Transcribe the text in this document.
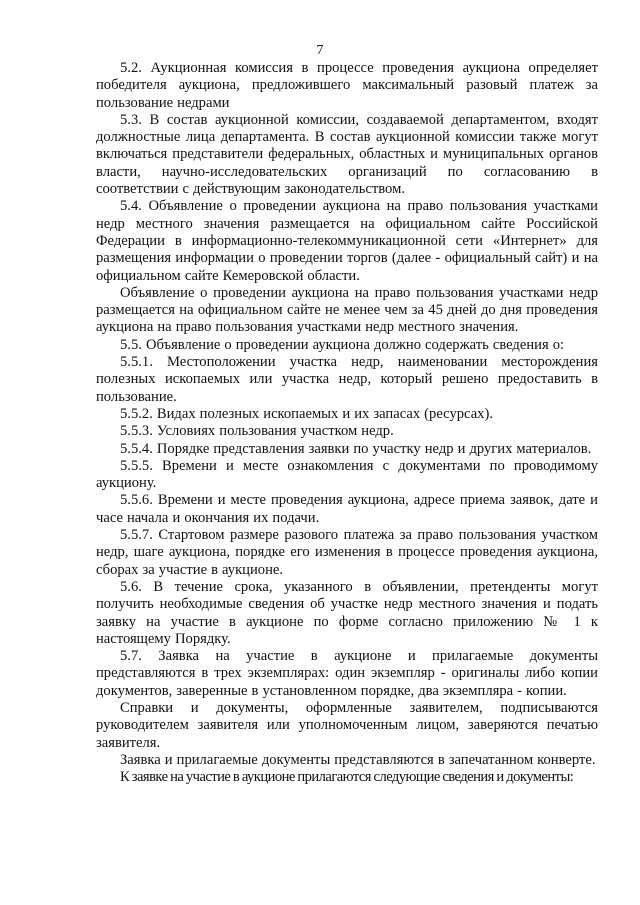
7

5.2. Аукционная комиссия в процессе проведения аукциона определяет победителя аукциона, предложившего максимальный разовый платеж за пользование недрами

5.3. В состав аукционной комиссии, создаваемой департаментом, входят должностные лица департамента. В состав аукционной комиссии также могут включаться представители федеральных, областных и муниципальных органов власти, научно-исследовательских организаций по согласованию в соответствии с действующим законодательством.

5.4. Объявление о проведении аукциона на право пользования участками недр местного значения размещается на официальном сайте Российской Федерации в информационно-телекоммуникационной сети «Интернет» для размещения информации о проведении торгов (далее - официальный сайт) и на официальном сайте Кемеровской области.

Объявление о проведении аукциона на право пользования участками недр размещается на официальном сайте не менее чем за 45 дней до дня проведения аукциона на право пользования участками недр местного значения.

5.5. Объявление о проведении аукциона должно содержать сведения о:

5.5.1. Местоположении участка недр, наименовании месторождения полезных ископаемых или участка недр, который решено предоставить в пользование.

5.5.2. Видах полезных ископаемых и их запасах (ресурсах).

5.5.3. Условиях пользования участком недр.

5.5.4. Порядке представления заявки по участку недр и других материалов.

5.5.5. Времени и месте ознакомления с документами по проводимому аукциону.

5.5.6. Времени и месте проведения аукциона, адресе приема заявок, дате и часе начала и окончания их подачи.

5.5.7. Стартовом размере разового платежа за право пользования участком недр, шаге аукциона, порядке его изменения в процессе проведения аукциона, сборах за участие в аукционе.

5.6. В течение срока, указанного в объявлении, претенденты могут получить необходимые сведения об участке недр местного значения и подать заявку на участие в аукционе по форме согласно приложению № 1 к настоящему Порядку.

5.7. Заявка на участие в аукционе и прилагаемые документы представляются в трех экземплярах: один экземпляр - оригиналы либо копии документов, заверенные в установленном порядке, два экземпляра - копии.

Справки и документы, оформленные заявителем, подписываются руководителем заявителя или уполномоченным лицом, заверяются печатью заявителя.

Заявка и прилагаемые документы представляются в запечатанном конверте.

К заявке на участие в аукционе прилагаются следующие сведения и документы:
